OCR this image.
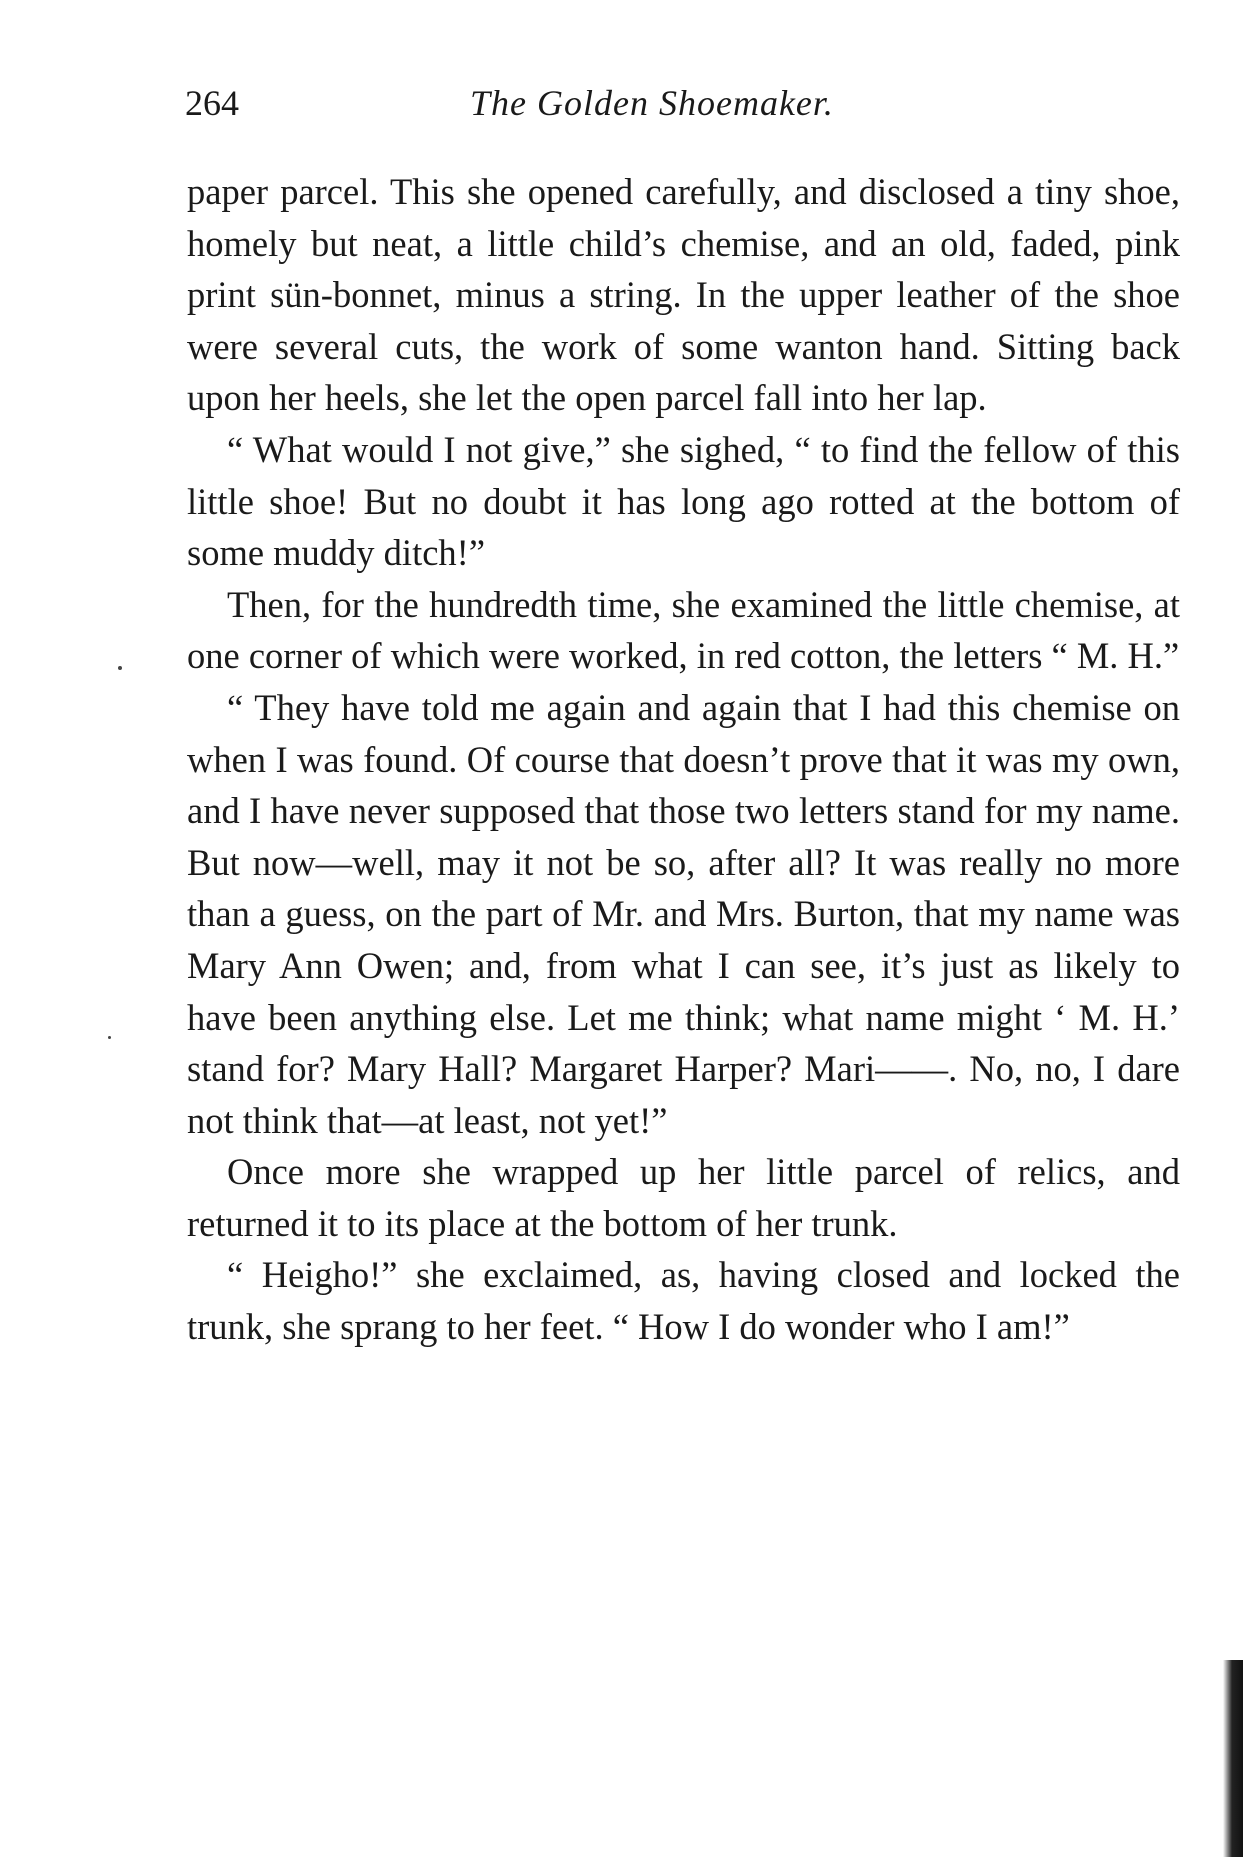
264	The Golden Shoemaker.

paper parcel. This she opened carefully, and disclosed a tiny shoe, homely but neat, a little child’s chemise, and an old, faded, pink print sün-bonnet, minus a string. In the upper leather of the shoe were several cuts, the work of some wanton hand. Sitting back upon her heels, she let the open parcel fall into her lap.

“ What would I not give,” she sighed, “ to find the fellow of this little shoe! But no doubt it has long ago rotted at the bottom of some muddy ditch!”

Then, for the hundredth time, she examined the little chemise, at one corner of which were worked, in red cotton, the letters “ M. H.”

“ They have told me again and again that I had this chemise on when I was found. Of course that doesn’t prove that it was my own, and I have never supposed that those two letters stand for my name. But now—well, may it not be so, after all? It was really no more than a guess, on the part of Mr. and Mrs. Burton, that my name was Mary Ann Owen; and, from what I can see, it’s just as likely to have been anything else. Let me think; what name might ‘ M. H.’ stand for? Mary Hall? Margaret Harper? Mari——. No, no, I dare not think that—at least, not yet!”

Once more she wrapped up her little parcel of relics, and returned it to its place at the bottom of her trunk.

“ Heigho!” she exclaimed, as, having closed and locked the trunk, she sprang to her feet. “ How I do wonder who I am!”
